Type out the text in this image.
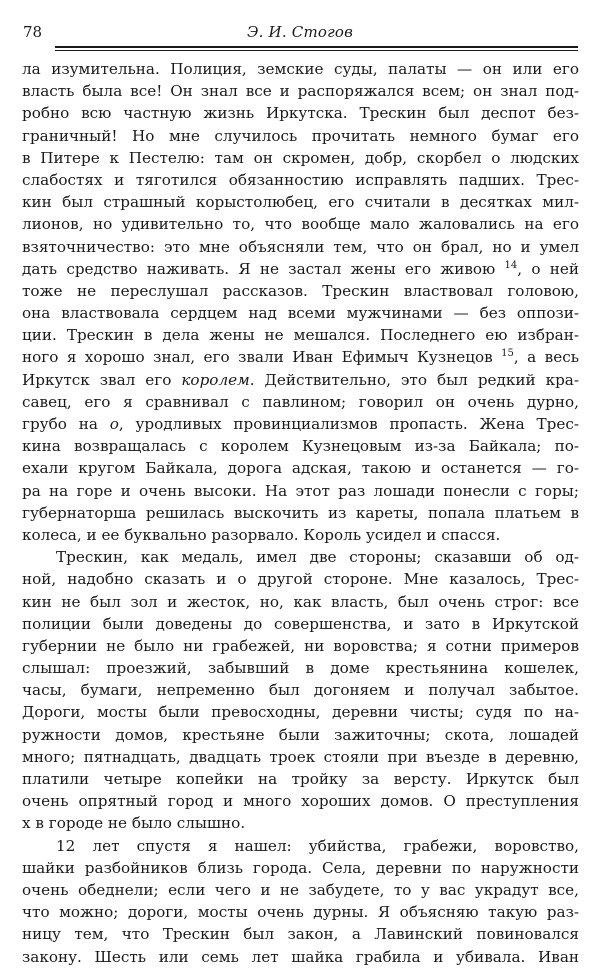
78	Э. И. Стогов
ла изумительна. Полиция, земские суды, палаты — он или его
власть была все! Он знал все и распоряжался всем; он знал под-
робно всю частную жизнь Иркутска. Трескин был деспот без-
граничный! Но мне случилось прочитать немного бумаг его
в Питере к Пестелю: там он скромен, добр, скорбел о людских
слабостях и тяготился обязанностию исправлять падших. Трес-
кин был страшный корыстолюбец, его считали в десятках мил-
лионов, но удивительно то, что вообще мало жаловались на его
взяточничество: это мне объясняли тем, что он брал, но и умел
дать средство наживать. Я не застал жены его живою $^{14}$, о ней
тоже не переслушал рассказов. Трескин властвовал головою,
она властвовала сердцем над всеми мужчинами — без оппози-
ции. Трескин в дела жены не мешался. Последнего ею избран-
ного я хорошо знал, его звали Иван Ефимыч Кузнецов $^{15}$, а весь
Иркутск звал его королем. Действительно, это был редкий кра-
савец, его я сравнивал с павлином; говорил он очень дурно,
грубо на о, уродливых провинциализмов пропасть. Жена Трес-
кина возвращалась с королем Кузнецовым из-за Байкала; по-
ехали кругом Байкала, дорога адская, такою и останется — го-
ра на горе и очень высоки. На этот раз лошади понесли с горы;
губернаторша решилась выскочить из кареты, попала платьем в
колеса, и ее буквально разорвало. Король усидел и спасся.
Трескин, как медаль, имел две стороны; сказавши об од-
ной, надобно сказать и о другой стороне. Мне казалось, Трес-
кин не был зол и жесток, но, как власть, был очень строг: все
полиции были доведены до совершенства, и зато в Иркутской
губернии не было ни грабежей, ни воровства; я сотни примеров
слышал: проезжий, забывший в доме крестьянина кошелек,
часы, бумаги, непременно был догоняем и получал забытое.
Дороги, мосты были превосходны, деревни чисты; судя по на-
ружности домов, крестьяне были зажиточны; скота, лошадей
много; пятнадцать, двадцать троек стояли при въезде в деревню,
платили четыре копейки на тройку за версту. Иркутск был
очень опрятный город и много хороших домов. О преступления
х в городе не было слышно.
12 лет спустя я нашел: убийства, грабежи, воровство,
шайки разбойников близь города. Села, деревни по наружности
очень обеднели; если чего и не забудете, то у вас украдут все,
что можно; дороги, мосты очень дурны. Я объясняю такую раз-
ницу тем, что Трескин был закон, а Лавинский повиновался
закону. Шесть или семь лет шайка грабила и убивала. Иван
